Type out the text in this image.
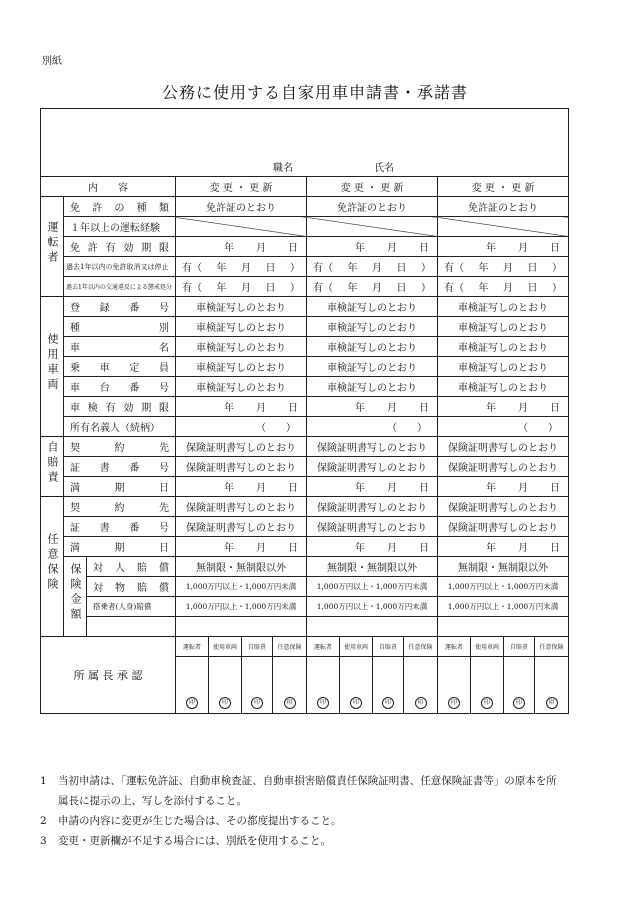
別紙
公務に使用する自家用車申請書・承諾書

職名 氏名														
内　　容			変 更 ・ 更 新				変 更 ・ 更 新				変 更 ・ 更 新			
運転者	免許の種類		免許証のとおり				免許証のとおり				免許証のとおり			
	１年以上の運転経験													
	免許有効期限		年 月 日				年 月 日				年 月 日			

	過去1年以内の免許取消又は停止		有（ 年 月 日 ）				有（ 年 月 日 ）				有（ 年 月 日 ）			

	過去1年以内の交通違反による懲戒処分		有（ 年 月 日 ）				有（ 年 月 日 ）				有（ 年 月 日 ）			

使用車両	登録番号		車検証写しのとおり				車検証写しのとおり				車検証写しのとおり			
	種別		車検証写しのとおり				車検証写しのとおり				車検証写しのとおり			
	車名		車検証写しのとおり				車検証写しのとおり				車検証写しのとおり			
	乗車定員		車検証写しのとおり				車検証写しのとおり				車検証写しのとおり			
	車台番号		車検証写しのとおり				車検証写しのとおり				車検証写しのとおり			
	車検有効期限		年 月 日				年 月 日				年 月 日			

	所有名義人（続柄）		（　　）				（　　）				（　　）			
自賠責	契約先		保険証明書写しのとおり				保険証明書写しのとおり				保険証明書写しのとおり			
	証書番号		保険証明書写しのとおり				保険証明書写しのとおり				保険証明書写しのとおり			
	満期日		年 月 日				年 月 日				年 月 日			

任意保険	契約先		保険証明書写しのとおり				保険証明書写しのとおり				保険証明書写しのとおり			
	証書番号		保険証明書写しのとおり				保険証明書写しのとおり				保険証明書写しのとおり			
	満期日		年 月 日				年 月 日				年 月 日			

	保険金額	対人賠償	無制限・無制限以外				無制限・無制限以外				無制限・無制限以外			
		対物賠償	1,000万円以上・1,000万円未満				1,000万円以上・1,000万円未満				1,000万円以上・1,000万円未満			
		搭乗者(人身)賠償	1,000万円以上・1,000万円未満				1,000万円以上・1,000万円未満				1,000万円以上・1,000万円未満			

所 属 長 承 認			運転者	使用車両	自賠責	任意保険	運転者	使用車両	自賠責	任意保険	運転者	使用車両	自賠責	任意保険
			印	印	印	印	印	印	印	印	印	印	印	印
1 当初申請は、「運転免許証、自動車検査証、自動車損害賠償責任保険証明書、任意保険証書等」の原本を所
属長に提示の上、写しを添付すること。
2 申請の内容に変更が生じた場合は、その都度提出すること。
3 変更・更新欄が不足する場合には、別紙を使用すること。
